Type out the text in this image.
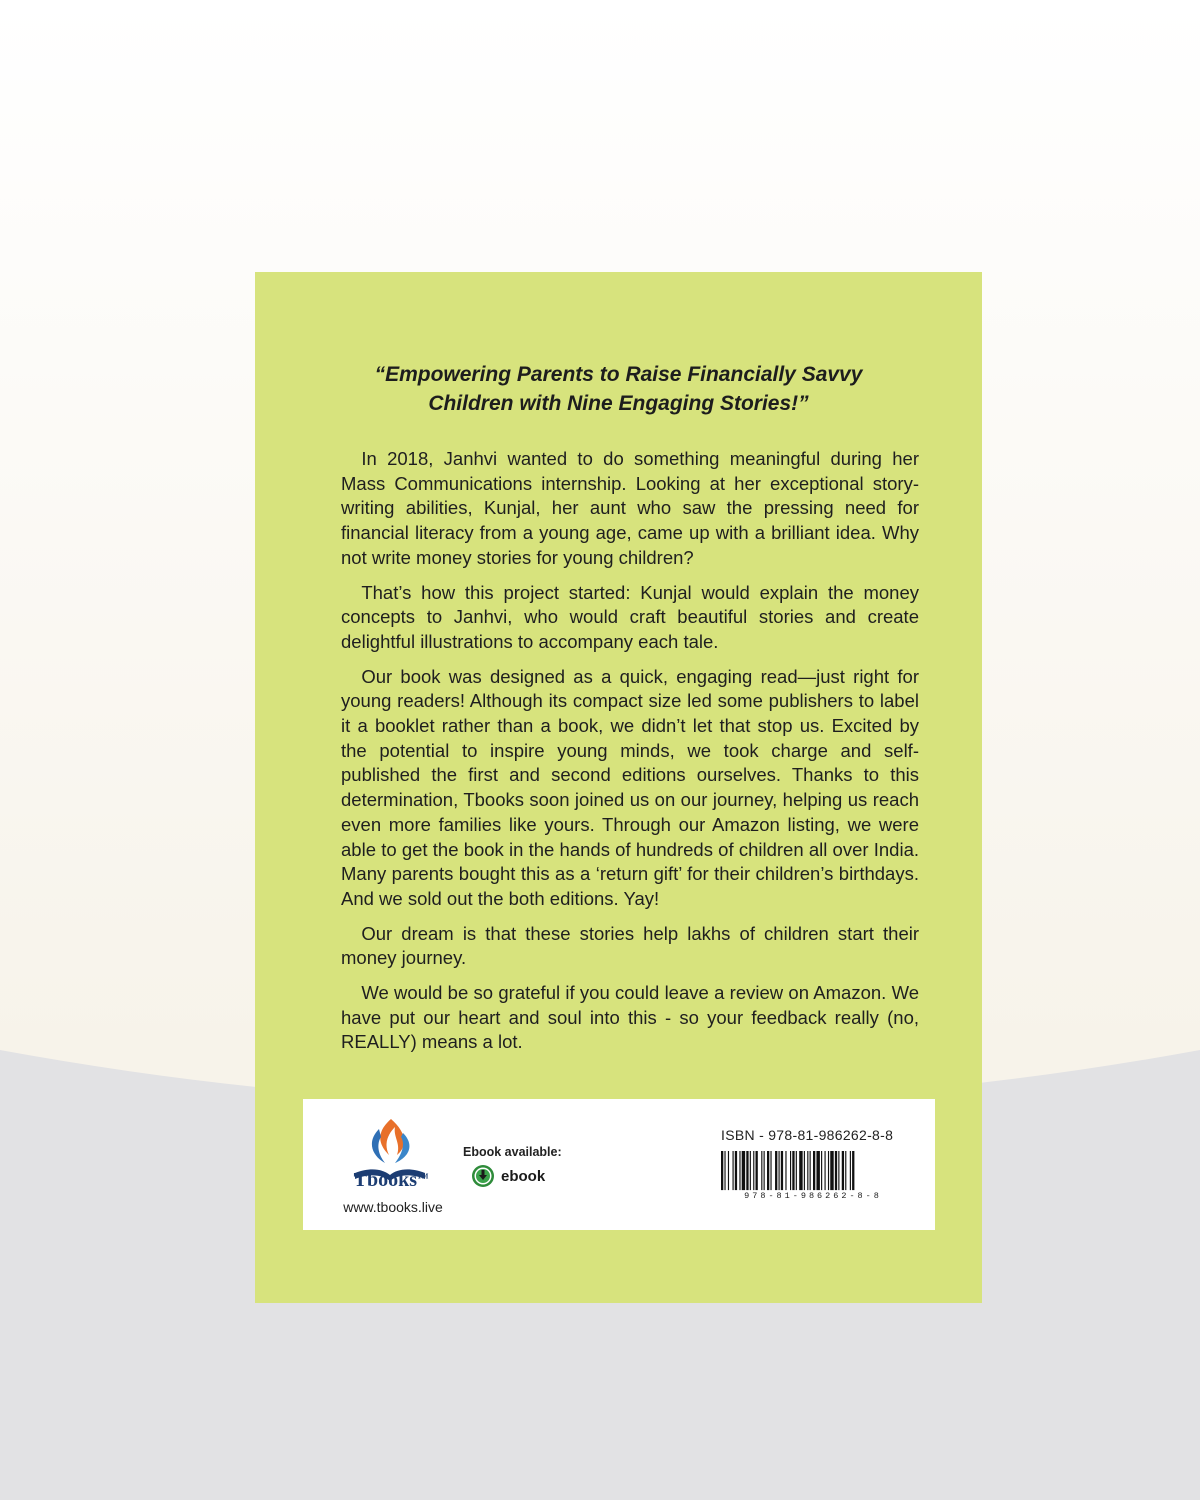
“Empowering Parents to Raise Financially Savvy
Children with Nine Engaging Stories!”

In 2018, Janhvi wanted to do something meaningful during her Mass Communications internship. Looking at her exceptional story-writing abilities, Kunjal, her aunt who saw the pressing need for financial literacy from a young age, came up with a brilliant idea. Why not write money stories for young children?

That’s how this project started: Kunjal would explain the money concepts to Janhvi, who would craft beautiful stories and create delightful illustrations to accompany each tale.

Our book was designed as a quick, engaging read—just right for young readers! Although its compact size led some publishers to label it a booklet rather than a book, we didn’t let that stop us. Excited by the potential to inspire young minds, we took charge and self-published the first and second editions ourselves. Thanks to this determination, Tbooks soon joined us on our journey, helping us reach even more families like yours. Through our Amazon listing, we were able to get the book in the hands of hundreds of children all over India. Many parents bought this as a ‘return gift’ for their children’s birthdays. And we sold out the both editions. Yay!

Our dream is that these stories help lakhs of children start their money journey.

We would be so grateful if you could leave a review on Amazon. We have put our heart and soul into this - so your feedback really (no, REALLY) means a lot.

Tbooks™
www.tbooks.live
Ebook available:
ebook
ISBN - 978-81-986262-8-8
978-81-986262-8-8
